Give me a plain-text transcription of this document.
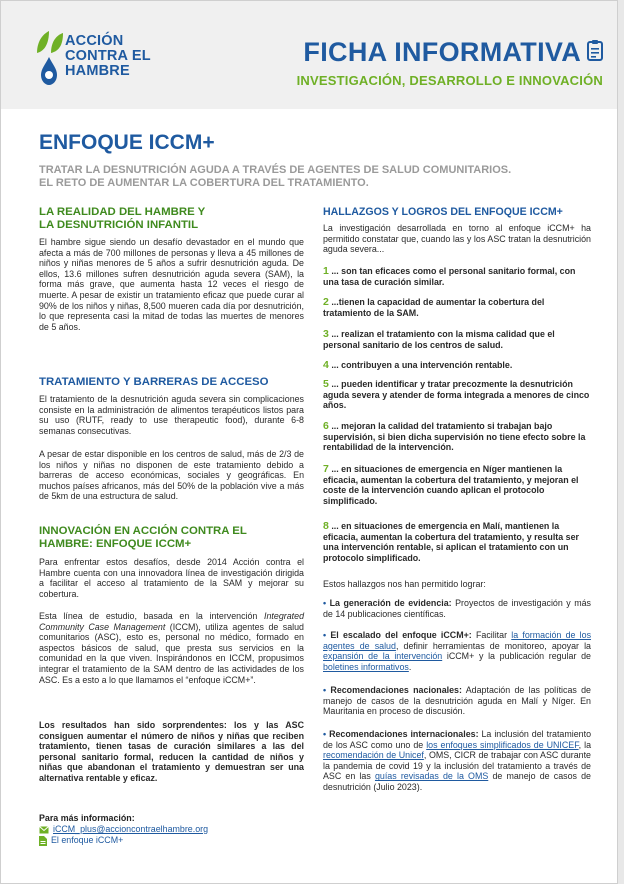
ACCIÓN
CONTRA EL
HAMBRE
FICHA INFORMATIVA
INVESTIGACIÓN, DESARROLLO E INNOVACIÓN
ENFOQUE ICCM+
TRATAR LA DESNUTRICIÓN AGUDA A TRAVÉS DE AGENTES DE SALUD COMUNITARIOS.
EL RETO DE AUMENTAR LA COBERTURA DEL TRATAMIENTO.
LA REALIDAD DEL HAMBRE Y
LA DESNUTRICIÓN INFANTIL

El hambre sigue siendo un desafío devastador en el mundo que afecta a más de 700 millones de personas y lleva a 45 millones de niños y niñas menores de 5 años a sufrir desnutrición aguda. De ellos, 13.6 millones sufren desnutrición aguda severa (SAM), la forma más grave, que aumenta hasta 12 veces el riesgo de muerte. A pesar de existir un tratamiento eficaz que puede curar al 90% de los niños y niñas, 8,500 mueren cada día por desnutrición, lo que representa casi la mitad de todas las muertes de menores de 5 años.

TRATAMIENTO Y BARRERAS DE ACCESO

El tratamiento de la desnutrición aguda severa sin complicaciones consiste en la administración de alimentos terapéuticos listos para su uso (RUTF, ready to use therapeutic food), durante 6-8 semanas consecutivas.

A pesar de estar disponible en los centros de salud, más de 2/3 de los niños y niñas no disponen de este tratamiento debido a barreras de acceso económicas, sociales y geográficas. En muchos países africanos, más del 50% de la población vive a más de 5km de una estructura de salud.

INNOVACIÓN EN ACCIÓN CONTRA EL
HAMBRE: ENFOQUE ICCM+

Para enfrentar estos desafíos, desde 2014 Acción contra el Hambre cuenta con una innovadora línea de investigación dirigida a facilitar el acceso al tratamiento de la SAM y mejorar su cobertura.

Esta línea de estudio, basada en la intervención Integrated Community Case Management (ICCM), utiliza agentes de salud comunitarios (ASC), esto es, personal no médico, formado en aspectos básicos de salud, que presta sus servicios en la comunidad en la que viven. Inspirándonos en ICCM, propusimos integrar el tratamiento de la SAM dentro de las actividades de los ASC. Es a esto a lo que llamamos el “enfoque iCCM+”.

Los resultados han sido sorprendentes: los y las ASC consiguen aumentar el número de niños y niñas que reciben tratamiento, tienen tasas de curación similares a las del personal sanitario formal, reducen la cantidad de niños y niñas que abandonan el tratamiento y demuestran ser una alternativa rentable y eficaz.

HALLAZGOS Y LOGROS DEL ENFOQUE ICCM+

La investigación desarrollada en torno al enfoque iCCM+ ha permitido constatar que, cuando las y los ASC tratan la desnutrición aguda severa...

1 ... son tan eficaces como el personal sanitario formal, con una tasa de curación similar.
2 ...tienen la capacidad de aumentar la cobertura del tratamiento de la SAM.
3 ... realizan el tratamiento con la misma calidad que el personal sanitario de los centros de salud.
4 ... contribuyen a una intervención rentable.
5 ... pueden identificar y tratar precozmente la desnutrición aguda severa y atender de forma integrada a menores de cinco años.
6 ... mejoran la calidad del tratamiento si trabajan bajo supervisión, si bien dicha supervisión no tiene efecto sobre la rentabilidad de la intervención.
7 ... en situaciones de emergencia en Níger mantienen la eficacia, aumentan la cobertura del tratamiento, y mejoran el coste de la intervención cuando aplican el protocolo simplificado.
8 ... en situaciones de emergencia en Malí, mantienen la eficacia, aumentan la cobertura del tratamiento, y resulta ser una intervención rentable, si aplican el tratamiento con un protocolo simplificado.

Estos hallazgos nos han permitido lograr:

• La generación de evidencia: Proyectos de investigación y más de 14 publicaciones científicas.

• El escalado del enfoque iCCM+: Facilitar la formación de los agentes de salud, definir herramientas de monitoreo, apoyar la expansión de la intervención iCCM+ y la publicación regular de boletines informativos.

• Recomendaciones nacionales: Adaptación de las políticas de manejo de casos de la desnutrición aguda en Malí y Níger. En Mauritania en proceso de discusión.

• Recomendaciones internacionales: La inclusión del tratamiento de los ASC como uno de los enfoques simplificados de UNICEF, la recomendación de Unicef, OMS, CICR de trabajar con ASC durante la pandemia de covid 19 y la inclusión del tratamiento a través de ASC en las guías revisadas de la OMS de manejo de casos de desnutrición (Julio 2023).

Para más información:
iCCM_plus@accioncontraelhambre.org
El enfoque iCCM+
